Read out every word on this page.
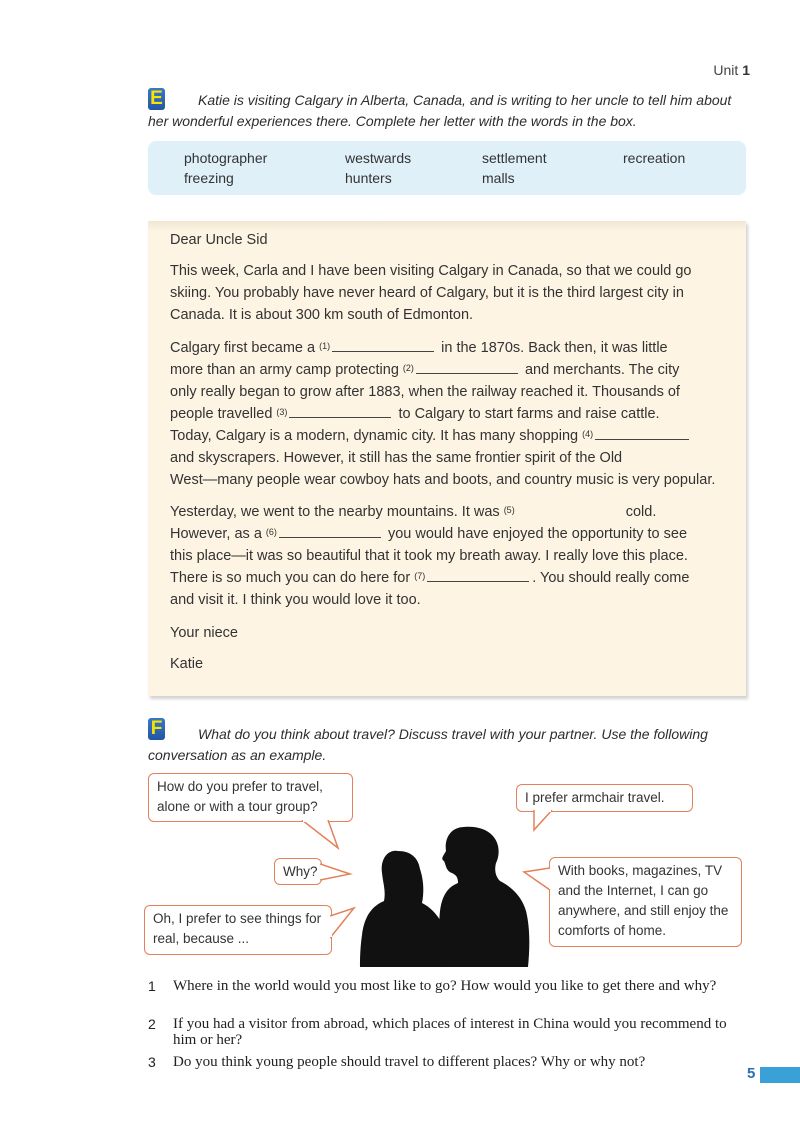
Unit 1
E	Katie is visiting Calgary in Alberta, Canada, and is writing to her uncle to tell him about her wonderful experiences there. Complete her letter with the words in the box.
photographer	westwards	settlement	recreation
freezing	hunters	malls
Dear Uncle Sid
This week, Carla and I have been visiting Calgary in Canada, so that we could go skiing. You probably have never heard of Calgary, but it is the third largest city in Canada. It is about 300 km south of Edmonton.
Calgary first became a $^{(1)}$	in the 1870s. Back then, it was little
more than an army camp protecting $^{(2)}$	and merchants. The city
only really began to grow after 1883, when the railway reached it. Thousands of
people travelled $^{(3)}$	to Calgary to start farms and raise cattle.
Today, Calgary is a modern, dynamic city. It has many shopping $^{(4)}$
and skyscrapers. However, it still has the same frontier spirit of the Old
West—many people wear cowboy hats and boots, and country music is very popular.
Yesterday, we went to the nearby mountains. It was $^{(5)}$	cold.
However, as a $^{(6)}$	you would have enjoyed the opportunity to see
this place—it was so beautiful that it took my breath away. I really love this place.
There is so much you can do here for $^{(7)}$	. You should really come
and visit it. I think you would love it too.
Your niece
Katie
F	What do you think about travel? Discuss travel with your partner. Use the following conversation as an example.
How do you prefer to travel, alone or with a tour group?
I prefer armchair travel.
Why?	With books, magazines, TV and the Internet, I can go anywhere, and still enjoy the comforts of home.
Oh, I prefer to see things for real, because ...
1 Where in the world would you most like to go? How would you like to get there and why?
2 If you had a visitor from abroad, which places of interest in China would you recommend to him or her?
3 Do you think young people should travel to different places? Why or why not?
5
